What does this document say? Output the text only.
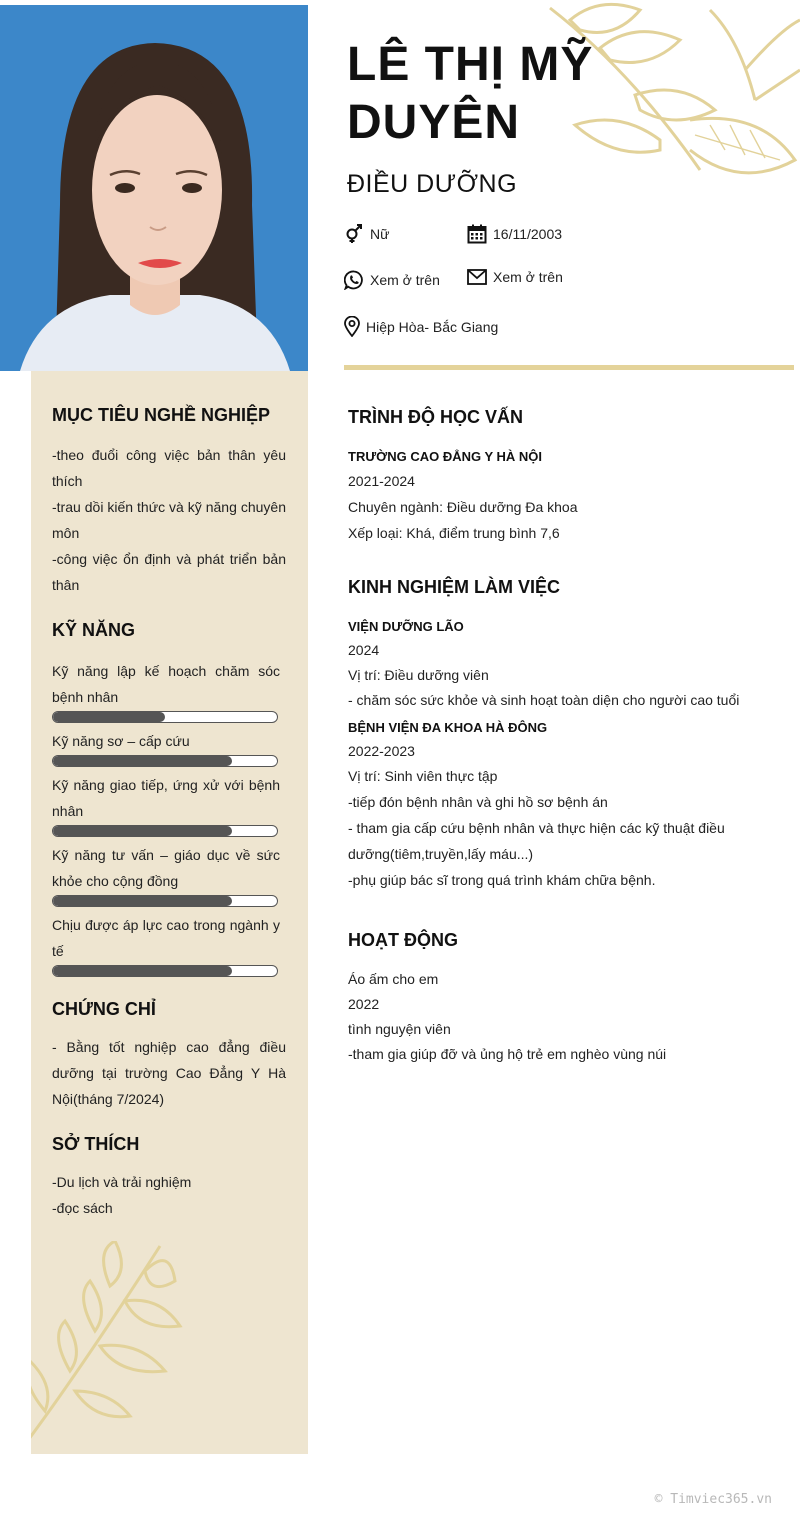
MỤC TIÊU NGHỀ NGHIỆP
-theo đuổi công việc bản thân yêu thích
-trau dồi kiến thức và kỹ năng chuyên môn
-công việc ổn định và phát triển bản thân
KỸ NĂNG
Kỹ năng lập kế hoạch chăm sóc bệnh nhân
Kỹ năng sơ – cấp cứu
Kỹ năng giao tiếp, ứng xử với bệnh nhân
Kỹ năng tư vấn – giáo dục về sức khỏe cho cộng đồng
Chịu được áp lực cao trong ngành y tế
CHỨNG CHỈ
- Bằng tốt nghiệp cao đẳng điều dưỡng tại trường Cao Đẳng Y Hà Nội(tháng 7/2024)
SỞ THÍCH
-Du lịch và trải nghiệm
-đọc sách
LÊ THỊ MỸ
DUYÊN
ĐIỀU DƯỠNG
Nữ	16/11/2003
Xem ở trên	Xem ở trên
Hiệp Hòa- Bắc Giang
TRÌNH ĐỘ HỌC VẤN
TRƯỜNG CAO ĐẲNG Y HÀ NỘI
2021-2024
Chuyên ngành: Điều dưỡng Đa khoa
Xếp loại: Khá, điểm trung bình 7,6
KINH NGHIỆM LÀM VIỆC
VIỆN DƯỠNG LÃO
2024
Vị trí: Điều dưỡng viên
- chăm sóc sức khỏe và sinh hoạt toàn diện cho người cao tuổi
BỆNH VIỆN ĐA KHOA HÀ ĐÔNG
2022-2023
Vị trí: Sinh viên thực tập
-tiếp đón bệnh nhân và ghi hồ sơ bệnh án
- tham gia cấp cứu bệnh nhân và thực hiện các kỹ thuật điều dưỡng(tiêm,truyền,lấy máu...)
-phụ giúp bác sĩ trong quá trình khám chữa bệnh.
HOẠT ĐỘNG
Áo ấm cho em
2022
tình nguyện viên
-tham gia giúp đỡ và ủng hộ trẻ em nghèo vùng núi
© Timviec365.vn
